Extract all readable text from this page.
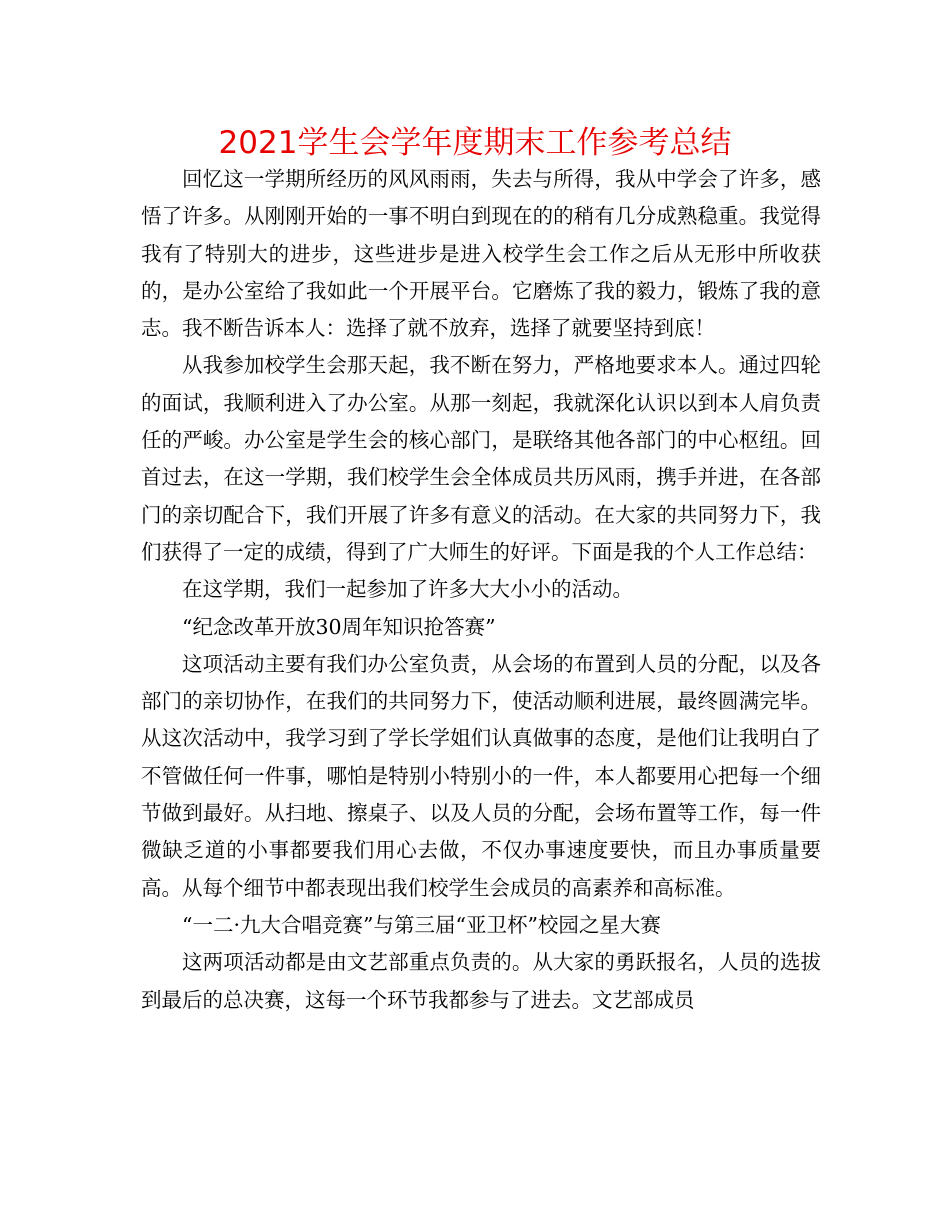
2021学生会学年度期末工作参考总结

回忆这一学期所经历的风风雨雨，失去与所得，我从中学会了许多，感悟了许多。从刚刚开始的一事不明白到现在的的稍有几分成熟稳重。我觉得我有了特别大的进步，这些进步是进入校学生会工作之后从无形中所收获的，是办公室给了我如此一个开展平台。它磨炼了我的毅力，锻炼了我的意志。我不断告诉本人：选择了就不放弃，选择了就要坚持到底！

从我参加校学生会那天起，我不断在努力，严格地要求本人。通过四轮的面试，我顺利进入了办公室。从那一刻起，我就深化认识以到本人肩负责任的严峻。办公室是学生会的核心部门，是联络其他各部门的中心枢纽。回首过去，在这一学期，我们校学生会全体成员共历风雨，携手并进，在各部门的亲切配合下，我们开展了许多有意义的活动。在大家的共同努力下，我们获得了一定的成绩，得到了广大师生的好评。下面是我的个人工作总结：

在这学期，我们一起参加了许多大大小小的活动。

“纪念改革开放30周年知识抢答赛”

这项活动主要有我们办公室负责，从会场的布置到人员的分配，以及各部门的亲切协作，在我们的共同努力下，使活动顺利进展，最终圆满完毕。从这次活动中，我学习到了学长学姐们认真做事的态度，是他们让我明白了不管做任何一件事，哪怕是特别小特别小的一件，本人都要用心把每一个细节做到最好。从扫地、擦桌子、以及人员的分配，会场布置等工作，每一件微缺乏道的小事都要我们用心去做，不仅办事速度要快，而且办事质量要高。从每个细节中都表现出我们校学生会成员的高素养和高标准。

“一二·九大合唱竞赛”与第三届“亚卫杯”校园之星大赛

这两项活动都是由文艺部重点负责的。从大家的勇跃报名，人员的选拔到最后的总决赛，这每一个环节我都参与了进去。文艺部成员
